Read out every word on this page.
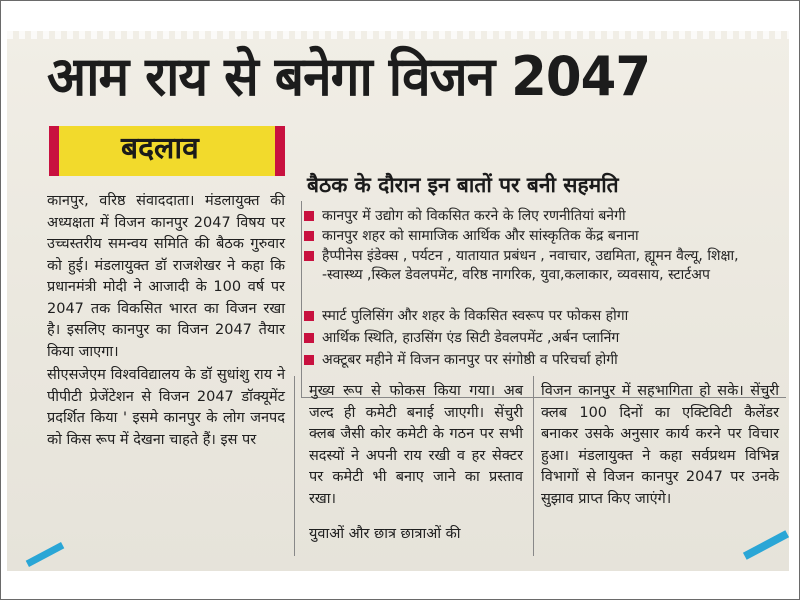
आम राय से बनेगा विजन 2047
बदलाव
बैठक के दौरान इन बातों पर बनी सहमति
कानपुर में उद्योग को विकसित करने के लिए रणनीतियां बनेगी
कानपुर शहर को सामाजिक आर्थिक और सांस्कृतिक केंद्र बनाना
हैप्पीनेस इंडेक्स , पर्यटन , यातायात प्रबंधन , नवाचार, उद्यमिता, ह्यूमन वैल्यू, शिक्षा, -स्वास्थ्य ,स्किल डेवलपमेंट, वरिष्ठ नागरिक, युवा,कलाकार, व्यवसाय, स्टार्टअप
स्मार्ट पुलिसिंग और शहर के विकसित स्वरूप पर फोकस होगा
आर्थिक स्थिति, हाउसिंग एंड सिटी डेवलपमेंट ,अर्बन प्लानिंग
अक्टूबर महीने में विजन कानपुर पर संगोष्ठी व परिचर्चा होगी

कानपुर, वरिष्ठ संवाददाता। मंडलायुक्त की अध्यक्षता में विजन कानपुर 2047 विषय पर उच्चस्तरीय समन्वय समिति की बैठक गुरुवार को हुई। मंडलायुक्त डॉ राजशेखर ने कहा कि प्रधानमंत्री मोदी ने आजादी के 100 वर्ष पर 2047 तक विकसित भारत का विजन रखा है। इसलिए कानपुर का विजन 2047 तैयार किया जाएगा।

सीएसजेएम विश्वविद्यालय के डॉ सुधांशु राय ने पीपीटी प्रेजेंटेशन से विजन 2047 डॉक्यूमेंट प्रदर्शित किया ' इसमे कानपुर के लोग जनपद को किस रूप में देखना चाहते हैं। इस पर

मुख्य रूप से फोकस किया गया। अब जल्द ही कमेटी बनाई जाएगी। सेंचुरी क्लब जैसी कोर कमेटी के गठन पर सभी सदस्यों ने अपनी राय रखी व हर सेक्टर पर कमेटी भी बनाए जाने का प्रस्ताव रखा।

युवाओं और छात्र छात्राओं की

विजन कानपुर में सहभागिता हो सके। सेंचुरी क्लब 100 दिनों का एक्टिविटी कैलेंडर बनाकर उसके अनुसार कार्य करने पर विचार हुआ। मंडलायुक्त ने कहा सर्वप्रथम विभिन्न विभागों से विजन कानपुर 2047 पर उनके सुझाव प्राप्त किए जाएंगे।
